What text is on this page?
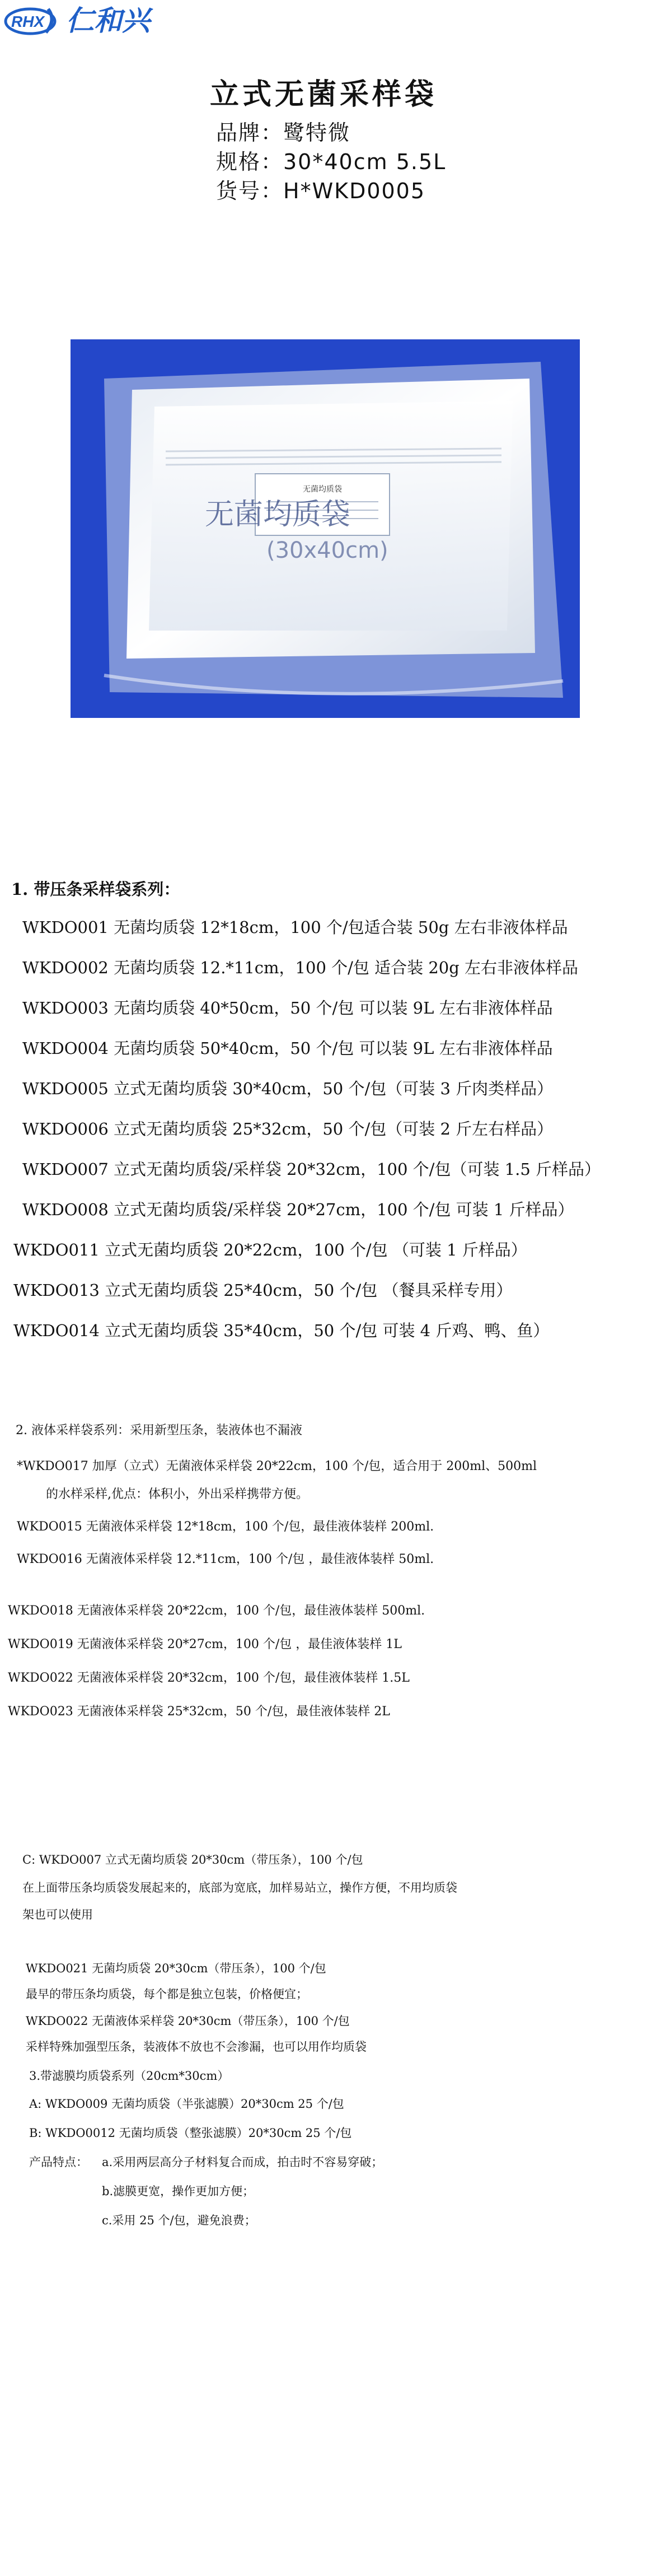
RHX 仁和兴
立式无菌采样袋
品牌：鹭特微
规格：30*40cm 5.5L
货号：H*WKD0005
无菌均质袋
无菌均质袋
(30x40cm)
1. 带压条采样袋系列：
WKDO001 无菌均质袋 12*18cm，100 个/包适合装 50g 左右非液体样品
WKDO002 无菌均质袋 12.*11cm，100 个/包 适合装 20g 左右非液体样品
WKDO003 无菌均质袋 40*50cm，50 个/包 可以装 9L 左右非液体样品
WKDO004 无菌均质袋 50*40cm，50 个/包 可以装 9L 左右非液体样品
WKDO005 立式无菌均质袋 30*40cm，50 个/包（可装 3 斤肉类样品）
WKDO006 立式无菌均质袋 25*32cm，50 个/包（可装 2 斤左右样品）
WKDO007 立式无菌均质袋/采样袋 20*32cm，100 个/包（可装 1.5 斤样品）
WKDO008 立式无菌均质袋/采样袋 20*27cm，100 个/包 可装 1 斤样品）
WKDO011 立式无菌均质袋 20*22cm，100 个/包 （可装 1 斤样品）
WKDO013 立式无菌均质袋 25*40cm，50 个/包 （餐具采样专用）
WKDO014 立式无菌均质袋 35*40cm，50 个/包 可装 4 斤鸡、鸭、鱼）
2. 液体采样袋系列：采用新型压条，装液体也不漏液
*WKDO017 加厚（立式）无菌液体采样袋 20*22cm，100 个/包，适合用于 200ml、500ml
的水样采样,优点：体积小，外出采样携带方便。
WKDO015 无菌液体采样袋 12*18cm，100 个/包，最佳液体装样 200ml.
WKDO016 无菌液体采样袋 12.*11cm，100 个/包 ，最佳液体装样 50ml.
WKDO018 无菌液体采样袋 20*22cm，100 个/包，最佳液体装样 500ml.
WKDO019 无菌液体采样袋 20*27cm，100 个/包 ，最佳液体装样 1L
WKDO022 无菌液体采样袋 20*32cm，100 个/包，最佳液体装样 1.5L
WKDO023 无菌液体采样袋 25*32cm，50 个/包，最佳液体装样 2L
C: WKDO007 立式无菌均质袋 20*30cm（带压条），100 个/包
在上面带压条均质袋发展起来的，底部为宽底，加样易站立，操作方便，不用均质袋
架也可以使用
WKDO021 无菌均质袋 20*30cm（带压条），100 个/包
最早的带压条均质袋，每个都是独立包装，价格便宜；
WKDO022 无菌液体采样袋 20*30cm（带压条），100 个/包
采样特殊加强型压条，装液体不放也不会渗漏，也可以用作均质袋
3.带滤膜均质袋系列（20cm*30cm）
A: WKDO009 无菌均质袋（半张滤膜）20*30cm 25 个/包
B: WKDO0012 无菌均质袋（整张滤膜）20*30cm 25 个/包
产品特点： a.采用两层高分子材料复合而成，拍击时不容易穿破；
b.滤膜更宽，操作更加方便；
c.采用 25 个/包，避免浪费；
